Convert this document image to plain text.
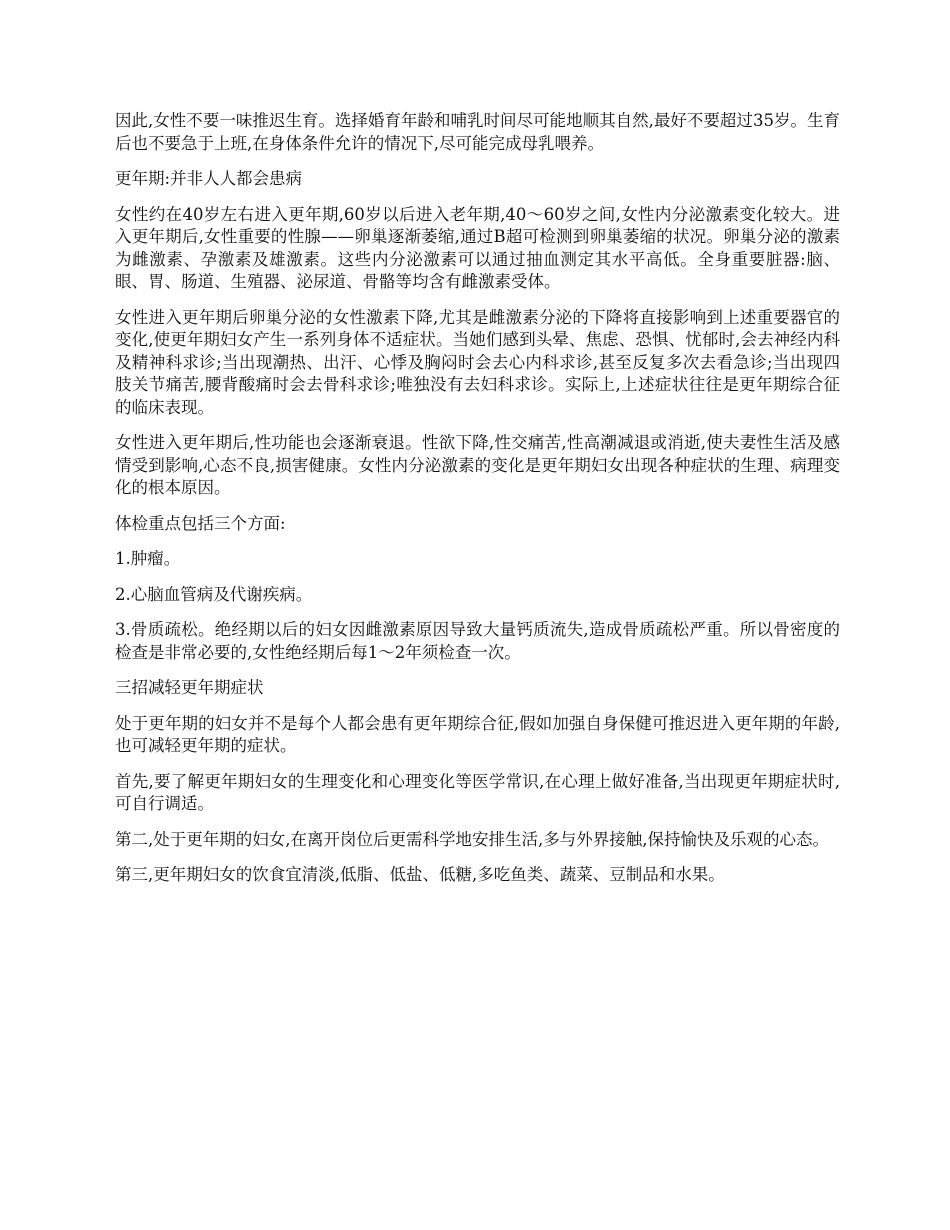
因此,女性不要一味推迟生育。选择婚育年龄和哺乳时间尽可能地顺其自然,最好不要超过35岁。生育后也不要急于上班,在身体条件允许的情况下,尽可能完成母乳喂养。

更年期:并非人人都会患病

女性约在40岁左右进入更年期,60岁以后进入老年期,40～60岁之间,女性内分泌激素变化较大。进入更年期后,女性重要的性腺——卵巢逐渐萎缩,通过B超可检测到卵巢萎缩的状况。卵巢分泌的激素为雌激素、孕激素及雄激素。这些内分泌激素可以通过抽血测定其水平高低。全身重要脏器:脑、眼、胃、肠道、生殖器、泌尿道、骨骼等均含有雌激素受体。

女性进入更年期后卵巢分泌的女性激素下降,尤其是雌激素分泌的下降将直接影响到上述重要器官的变化,使更年期妇女产生一系列身体不适症状。当她们感到头晕、焦虑、恐惧、忧郁时,会去神经内科及精神科求诊;当出现潮热、出汗、心悸及胸闷时会去心内科求诊,甚至反复多次去看急诊;当出现四肢关节痛苦,腰背酸痛时会去骨科求诊;唯独没有去妇科求诊。实际上,上述症状往往是更年期综合征的临床表现。

女性进入更年期后,性功能也会逐渐衰退。性欲下降,性交痛苦,性高潮减退或消逝,使夫妻性生活及感情受到影响,心态不良,损害健康。女性内分泌激素的变化是更年期妇女出现各种症状的生理、病理变化的根本原因。

体检重点包括三个方面:

1.肿瘤。

2.心脑血管病及代谢疾病。

3.骨质疏松。绝经期以后的妇女因雌激素原因导致大量钙质流失,造成骨质疏松严重。所以骨密度的检查是非常必要的,女性绝经期后每1～2年须检查一次。

三招减轻更年期症状

处于更年期的妇女并不是每个人都会患有更年期综合征,假如加强自身保健可推迟进入更年期的年龄,也可减轻更年期的症状。

首先,要了解更年期妇女的生理变化和心理变化等医学常识,在心理上做好准备,当出现更年期症状时,可自行调适。

第二,处于更年期的妇女,在离开岗位后更需科学地安排生活,多与外界接触,保持愉快及乐观的心态。

第三,更年期妇女的饮食宜清淡,低脂、低盐、低糖,多吃鱼类、蔬菜、豆制品和水果。
